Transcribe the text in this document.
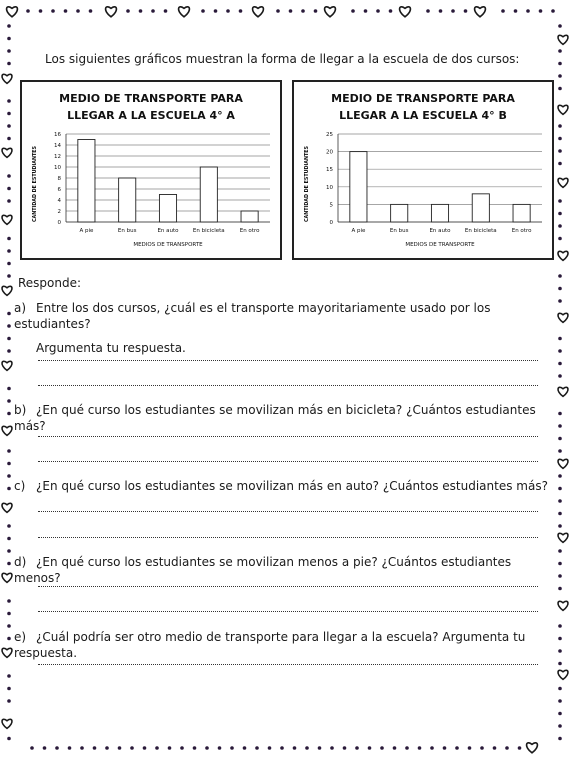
Los siguientes gráficos muestran la forma de llegar a la escuela de dos cursos:
MEDIO DE TRANSPORTE PARA
LLEGAR A LA ESCUELA 4° A
0
2
4
6
8
10
12
14
16
A pie	En bus	En auto	En bicicleta	En otro
MEDIOS DE TRANSPORTE
CANTIDAD DE ESTUDIANTES
MEDIO DE TRANSPORTE PARA
LLEGAR A LA ESCUELA 4° B
0
5
10
15
20
25
A pie	En bus	En auto	En bicicleta	En otro
MEDIOS DE TRANSPORTE
CANTIDAD DE ESTUDIANTES
Responde:
a) Entre los dos cursos, ¿cuál es el transporte mayoritariamente usado por los estudiantes?
Argumenta tu respuesta.
b) ¿En qué curso los estudiantes se movilizan más en bicicleta? ¿Cuántos estudiantes más?
c) ¿En qué curso los estudiantes se movilizan más en auto? ¿Cuántos estudiantes más?
d) ¿En qué curso los estudiantes se movilizan menos a pie? ¿Cuántos estudiantes menos?
e) ¿Cuál podría ser otro medio de transporte para llegar a la escuela? Argumenta tu respuesta.
